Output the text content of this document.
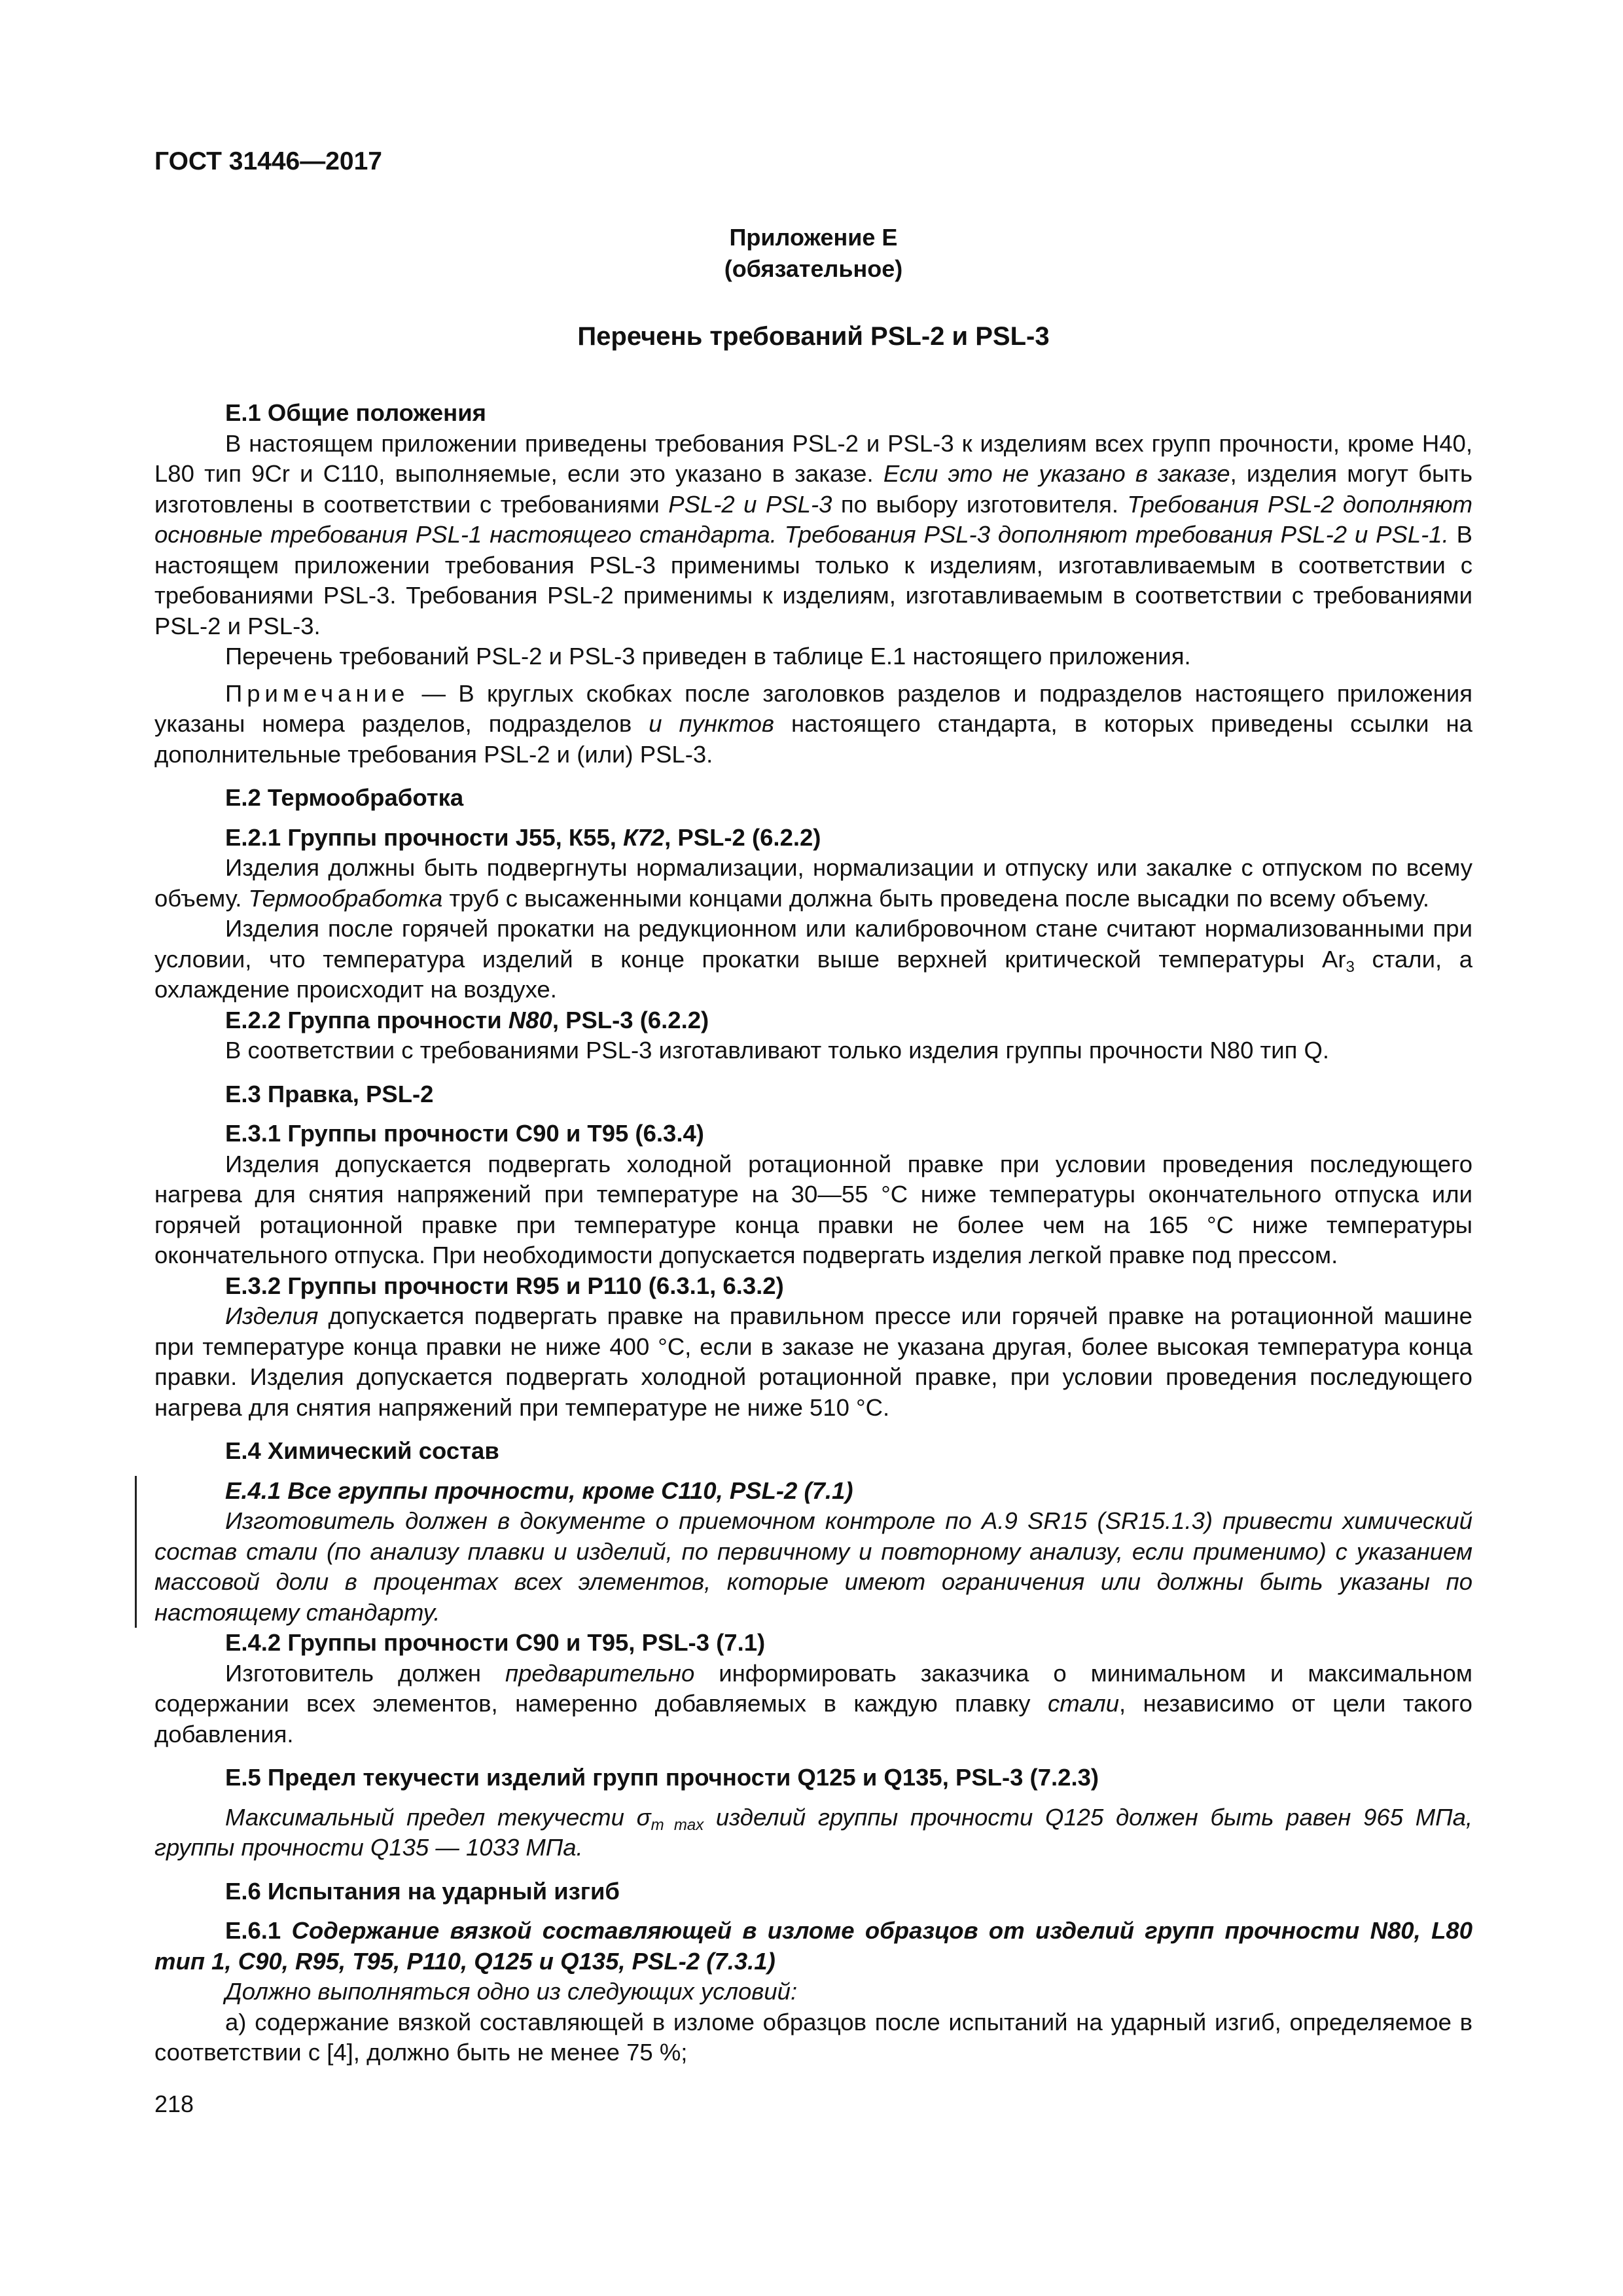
ГОСТ 31446—2017
Приложение Е
(обязательное)
Перечень требований PSL-2 и PSL-3

Е.1 Общие положения

В настоящем приложении приведены требования PSL-2 и PSL-3 к изделиям всех групп прочности, кроме Н40, L80 тип 9Cr и С110, выполняемые, если это указано в заказе. Если это не указано в заказе, изделия могут быть изготовлены в соответствии с требованиями PSL-2 и PSL-3 по выбору изготовителя. Требования PSL-2 дополняют основные требования PSL-1 настоящего стандарта. Требования PSL-3 дополняют требования PSL-2 и PSL-1. В настоящем приложении требования PSL-3 применимы только к изделиям, изготавливаемым в соответствии с требованиями PSL-3. Требования PSL-2 применимы к изделиям, изготавливаемым в соответствии с требованиями PSL-2 и PSL-3.

Перечень требований PSL-2 и PSL-3 приведен в таблице Е.1 настоящего приложения.

Примечание — В круглых скобках после заголовков разделов и подразделов настоящего приложения указаны номера разделов, подразделов и пунктов настоящего стандарта, в которых приведены ссылки на дополнительные требования PSL-2 и (или) PSL-3.

Е.2 Термообработка

Е.2.1 Группы прочности J55, К55, К72, PSL-2 (6.2.2)

Изделия должны быть подвергнуты нормализации, нормализации и отпуску или закалке с отпуском по всему объему. Термообработка труб с высаженными концами должна быть проведена после высадки по всему объему.

Изделия после горячей прокатки на редукционном или калибровочном стане считают нормализованными при условии, что температура изделий в конце прокатки выше верхней критической температуры $Ar_3$ стали, а охлаждение происходит на воздухе.

Е.2.2 Группа прочности N80, PSL-3 (6.2.2)

В соответствии с требованиями PSL-3 изготавливают только изделия группы прочности N80 тип Q.

Е.3 Правка, PSL-2

Е.3.1 Группы прочности С90 и Т95 (6.3.4)

Изделия допускается подвергать холодной ротационной правке при условии проведения последующего нагрева для снятия напряжений при температуре на 30—55 °С ниже температуры окончательного отпуска или горячей ротационной правке при температуре конца правки не более чем на 165 °С ниже температуры окончательного отпуска. При необходимости допускается подвергать изделия легкой правке под прессом.

Е.3.2 Группы прочности R95 и Р110 (6.3.1, 6.3.2)

Изделия допускается подвергать правке на правильном прессе или горячей правке на ротационной машине при температуре конца правки не ниже 400 °С, если в заказе не указана другая, более высокая температура конца правки. Изделия допускается подвергать холодной ротационной правке, при условии проведения последующего нагрева для снятия напряжений при температуре не ниже 510 °С.

Е.4 Химический состав

Е.4.1 Все группы прочности, кроме С110, PSL-2 (7.1)

Изготовитель должен в документе о приемочном контроле по А.9 SR15 (SR15.1.3) привести химический состав стали (по анализу плавки и изделий, по первичному и повторному анализу, если применимо) с указанием массовой доли в процентах всех элементов, которые имеют ограничения или должны быть указаны по настоящему стандарту.

Е.4.2 Группы прочности С90 и Т95, PSL-3 (7.1)

Изготовитель должен предварительно информировать заказчика о минимальном и максимальном содержании всех элементов, намеренно добавляемых в каждую плавку стали, независимо от цели такого добавления.

Е.5 Предел текучести изделий групп прочности Q125 и Q135, PSL-3 (7.2.3)

Максимальный предел текучести $\sigma_{т max}$ изделий группы прочности Q125 должен быть равен 965 МПа, группы прочности Q135 — 1033 МПа.

Е.6 Испытания на ударный изгиб

Е.6.1 Содержание вязкой составляющей в изломе образцов от изделий групп прочности N80, L80 тип 1, С90, R95, Т95, Р110, Q125 и Q135, PSL-2 (7.3.1)

Должно выполняться одно из следующих условий:

а) содержание вязкой составляющей в изломе образцов после испытаний на ударный изгиб, определяемое в соответствии с [4], должно быть не менее 75 %;

218
